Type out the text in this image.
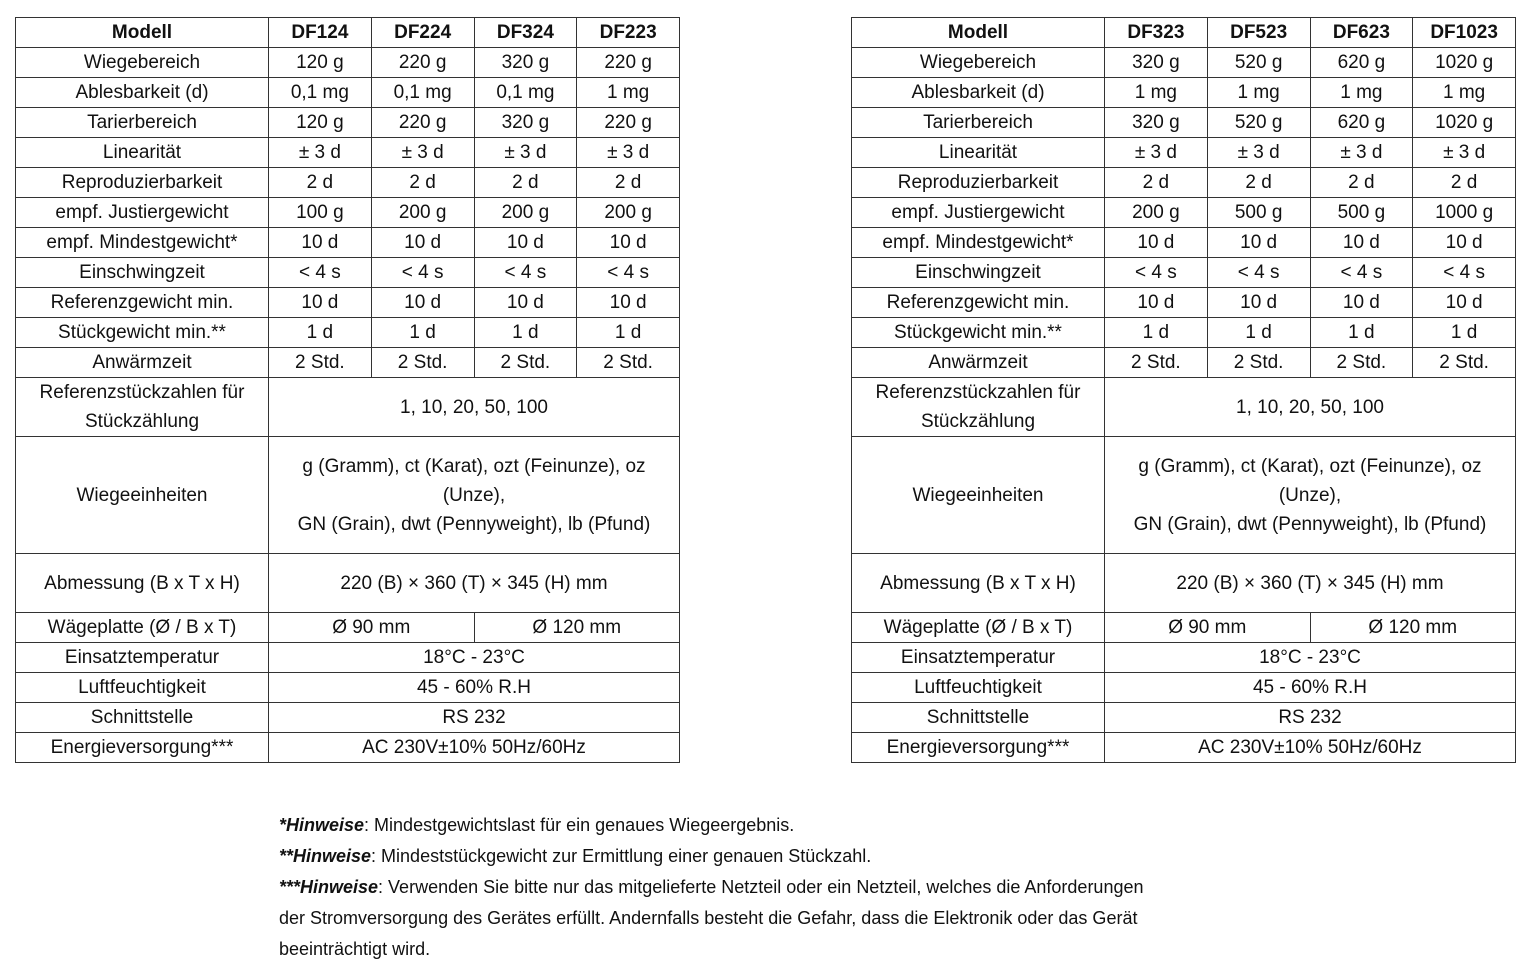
Modell	DF124	DF224	DF324	DF223
Wiegebereich	120 g	220 g	320 g	220 g
Ablesbarkeit (d)	0,1 mg	0,1 mg	0,1 mg	1 mg
Tarierbereich	120 g	220 g	320 g	220 g
Linearität	± 3 d	± 3 d	± 3 d	± 3 d
Reproduzierbarkeit	2 d	2 d	2 d	2 d
empf. Justiergewicht	100 g	200 g	200 g	200 g
empf. Mindestgewicht*	10 d	10 d	10 d	10 d
Einschwingzeit	< 4 s	< 4 s	< 4 s	< 4 s
Referenzgewicht min.	10 d	10 d	10 d	10 d
Stückgewicht min.**	1 d	1 d	1 d	1 d
Anwärmzeit	2 Std.	2 Std.	2 Std.	2 Std.
Referenzstückzahlen für Stückzählung	1, 10, 20, 50, 100			
Wiegeeinheiten	g (Gramm), ct (Karat), ozt (Feinunze), oz (Unze),
GN (Grain), dwt (Pennyweight), lb (Pfund)			
Abmessung (B x T x H)	220 (B) × 360 (T) × 345 (H) mm			
Wägeplatte (Ø / B x T)	Ø 90 mm		Ø 120 mm	
Einsatztemperatur	18°C - 23°C			
Luftfeuchtigkeit	45 - 60% R.H			
Schnittstelle	RS 232			
Energieversorgung***	AC 230V±10% 50Hz/60Hz			
Modell	DF323	DF523	DF623	DF1023
Wiegebereich	320 g	520 g	620 g	1020 g
Ablesbarkeit (d)	1 mg	1 mg	1 mg	1 mg
Tarierbereich	320 g	520 g	620 g	1020 g
Linearität	± 3 d	± 3 d	± 3 d	± 3 d
Reproduzierbarkeit	2 d	2 d	2 d	2 d
empf. Justiergewicht	200 g	500 g	500 g	1000 g
empf. Mindestgewicht*	10 d	10 d	10 d	10 d
Einschwingzeit	< 4 s	< 4 s	< 4 s	< 4 s
Referenzgewicht min.	10 d	10 d	10 d	10 d
Stückgewicht min.**	1 d	1 d	1 d	1 d
Anwärmzeit	2 Std.	2 Std.	2 Std.	2 Std.
Referenzstückzahlen für Stückzählung	1, 10, 20, 50, 100			
Wiegeeinheiten	g (Gramm), ct (Karat), ozt (Feinunze), oz (Unze),
GN (Grain), dwt (Pennyweight), lb (Pfund)			
Abmessung (B x T x H)	220 (B) × 360 (T) × 345 (H) mm			
Wägeplatte (Ø / B x T)	Ø 90 mm		Ø 120 mm	
Einsatztemperatur	18°C - 23°C			
Luftfeuchtigkeit	45 - 60% R.H			
Schnittstelle	RS 232			
Energieversorgung***	AC 230V±10% 50Hz/60Hz			

*Hinweise: Mindestgewichtslast für ein genaues Wiegeergebnis.

**Hinweise: Mindeststückgewicht zur Ermittlung einer genauen Stückzahl.

***Hinweise: Verwenden Sie bitte nur das mitgelieferte Netzteil oder ein Netzteil, welches die Anforderungen der Stromversorgung des Gerätes erfüllt. Andernfalls besteht die Gefahr, dass die Elektronik oder das Gerät beeinträchtigt wird.
